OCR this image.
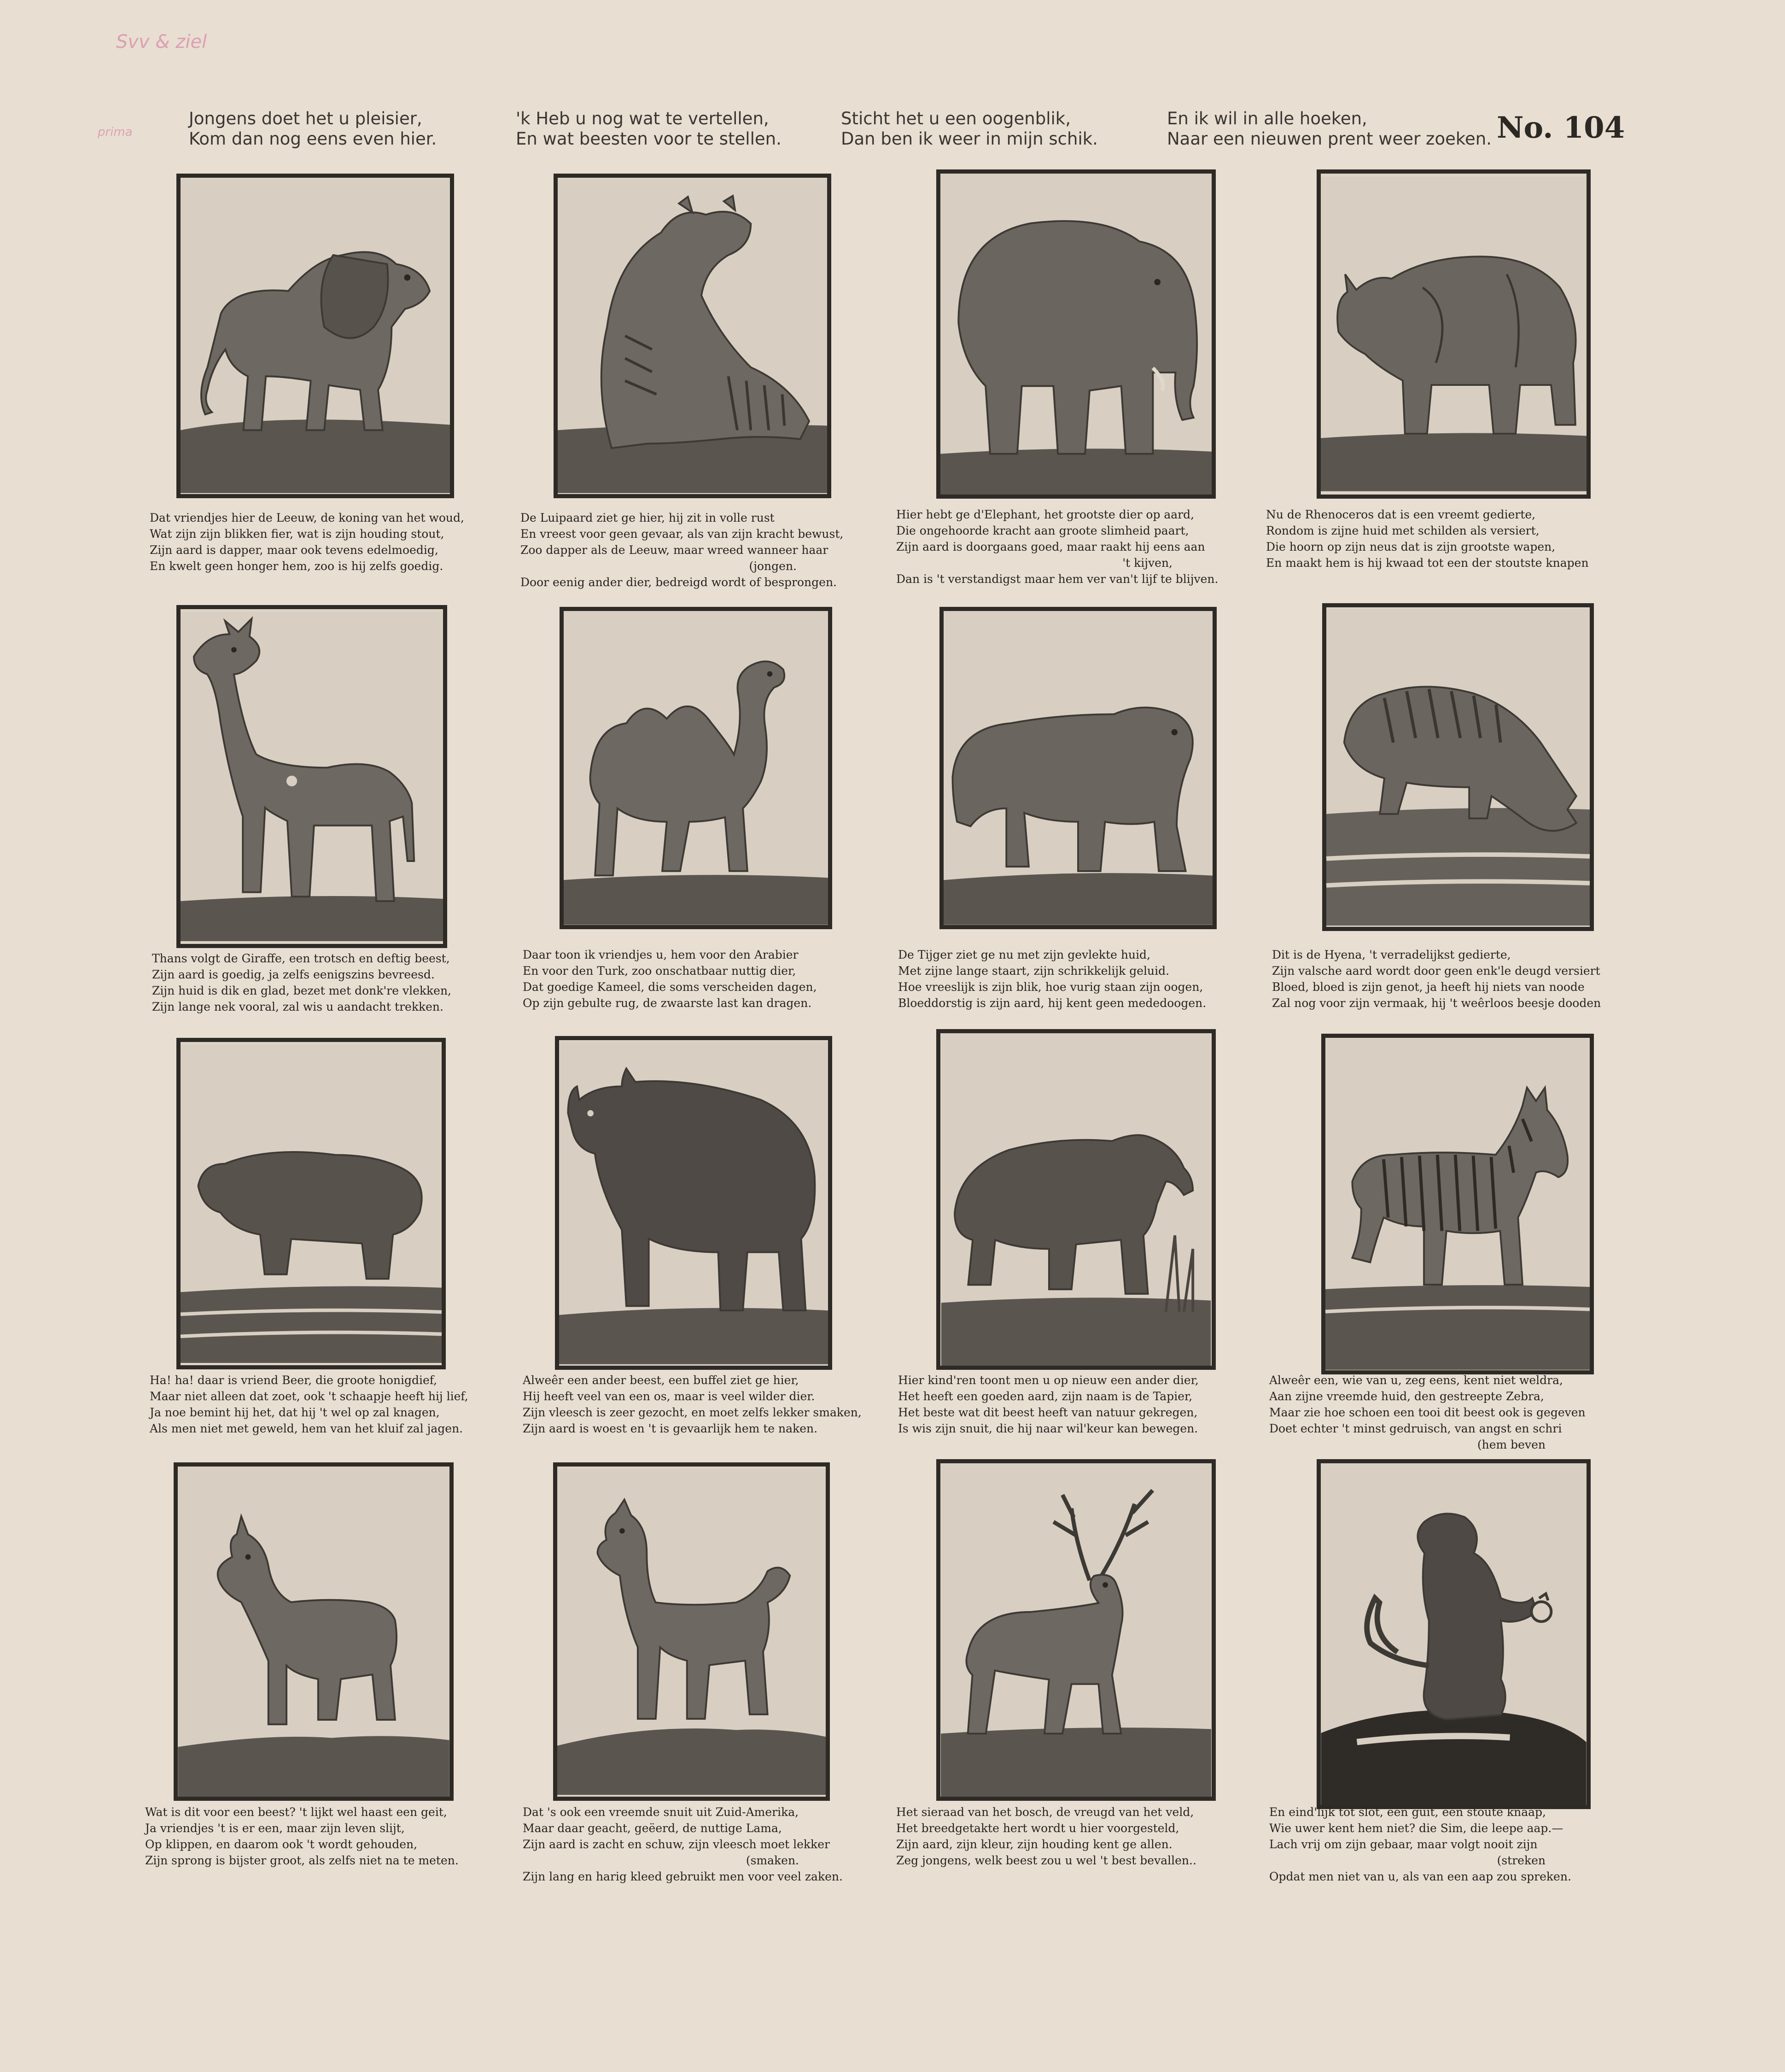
Svv & ziel
prima
Jongens doet het u pleisier,
Kom dan nog eens even hier.
'k Heb u nog wat te vertellen,
En wat beesten voor te stellen.
Sticht het u een oogenblik,
Dan ben ik weer in mijn schik.
En ik wil in alle hoeken,
Naar een nieuwen prent weer zoeken. No. 104
Dat vriendjes hier de Leeuw, de koning van het woud,
Wat zijn zijn blikken fier, wat is zijn houding stout,
Zijn aard is dapper, maar ook tevens edelmoedig,
En kwelt geen honger hem, zoo is hij zelfs goedig.
De Luipaard ziet ge hier, hij zit in volle rust
En vreest voor geen gevaar, als van zijn kracht bewust,
Zoo dapper als de Leeuw, maar wreed wanneer haar
(jongen.
Door eenig ander dier, bedreigd wordt of besprongen.
Hier hebt ge d'Elephant, het grootste dier op aard,
Die ongehoorde kracht aan groote slimheid paart,
Zijn aard is doorgaans goed, maar raakt hij eens aan
't kijven,
Dan is 't verstandigst maar hem ver van't lijf te blijven.
Nu de Rhenoceros dat is een vreemt gedierte,
Rondom is zijne huid met schilden als versiert,
Die hoorn op zijn neus dat is zijn grootste wapen,
En maakt hem is hij kwaad tot een der stoutste knapen
Thans volgt de Giraffe, een trotsch en deftig beest,
Zijn aard is goedig, ja zelfs eenigszins bevreesd.
Zijn huid is dik en glad, bezet met donk're vlekken,
Zijn lange nek vooral, zal wis u aandacht trekken.
Daar toon ik vriendjes u, hem voor den Arabier
En voor den Turk, zoo onschatbaar nuttig dier,
Dat goedige Kameel, die soms verscheiden dagen,
Op zijn gebulte rug, de zwaarste last kan dragen.
De Tijger ziet ge nu met zijn gevlekte huid,
Met zijne lange staart, zijn schrikkelijk geluid.
Hoe vreeslijk is zijn blik, hoe vurig staan zijn oogen,
Bloeddorstig is zijn aard, hij kent geen mededoogen.
Dit is de Hyena, 't verradelijkst gedierte,
Zijn valsche aard wordt door geen enk'le deugd versiert
Bloed, bloed is zijn genot, ja heeft hij niets van noode
Zal nog voor zijn vermaak, hij 't weêrloos beesje dooden
Ha! ha! daar is vriend Beer, die groote honigdief,
Maar niet alleen dat zoet, ook 't schaapje heeft hij lief,
Ja noe bemint hij het, dat hij 't wel op zal knagen,
Als men niet met geweld, hem van het kluif zal jagen.
Alweêr een ander beest, een buffel ziet ge hier,
Hij heeft veel van een os, maar is veel wilder dier.
Zijn vleesch is zeer gezocht, en moet zelfs lekker smaken,
Zijn aard is woest en 't is gevaarlijk hem te naken.
Hier kind'ren toont men u op nieuw een ander dier,
Het heeft een goeden aard, zijn naam is de Tapier,
Het beste wat dit beest heeft van natuur gekregen,
Is wis zijn snuit, die hij naar wil'keur kan bewegen.
Alweêr een, wie van u, zeg eens, kent niet weldra,
Aan zijne vreemde huid, den gestreepte Zebra,
Maar zie hoe schoen een tooi dit beest ook is gegeven
Doet echter 't minst gedruisch, van angst en schri
(hem beven
Wat is dit voor een beest? 't lijkt wel haast een geit,
Ja vriendjes 't is er een, maar zijn leven slijt,
Op klippen, en daarom ook 't wordt gehouden,
Zijn sprong is bijster groot, als zelfs niet na te meten.
Dat 's ook een vreemde snuit uit Zuid-Amerika,
Maar daar geacht, geëerd, de nuttige Lama,
Zijn aard is zacht en schuw, zijn vleesch moet lekker
(smaken.
Zijn lang en harig kleed gebruikt men voor veel zaken.
Het sieraad van het bosch, de vreugd van het veld,
Het breedgetakte hert wordt u hier voorgesteld,
Zijn aard, zijn kleur, zijn houding kent ge allen.
Zeg jongens, welk beest zou u wel 't best bevallen..
En eind'lijk tot slot, een guit, een stoute knaap,
Wie uwer kent hem niet? die Sim, die leepe aap.—
Lach vrij om zijn gebaar, maar volgt nooit zijn
(streken
Opdat men niet van u, als van een aap zou spreken.
